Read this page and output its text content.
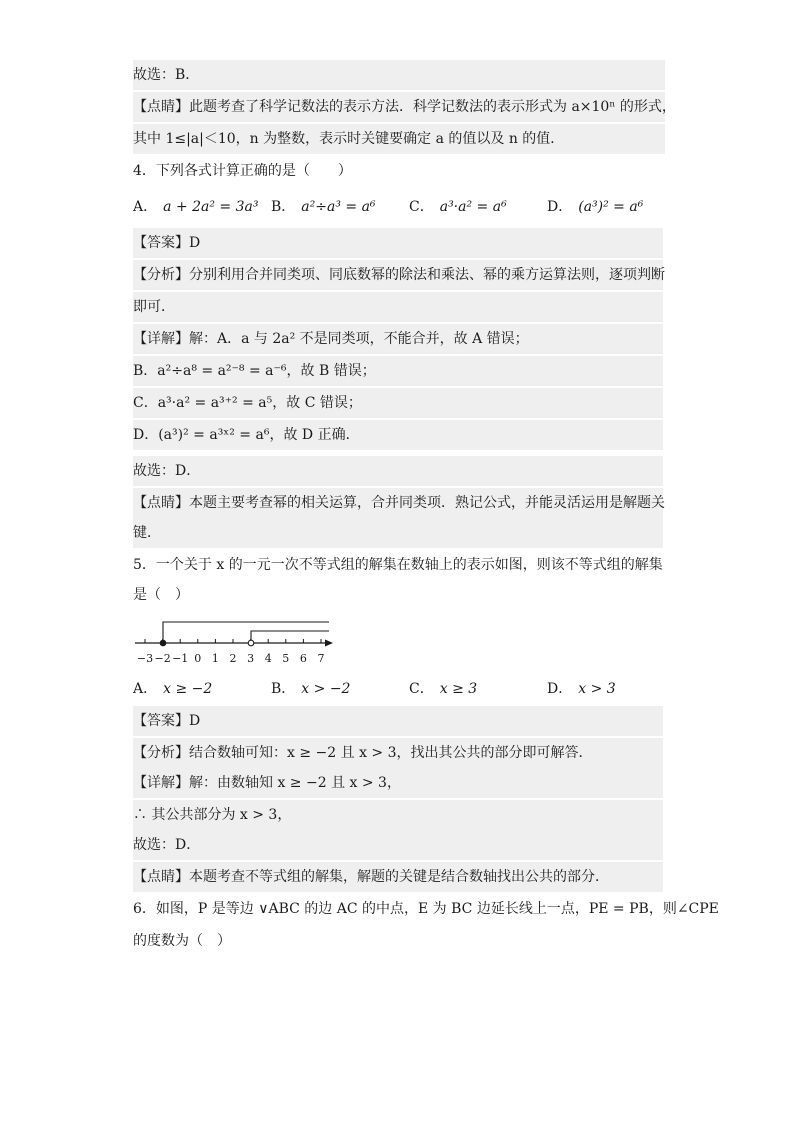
故选：B．
【点睛】此题考查了科学记数法的表示方法．科学记数法的表示形式为 a×10ⁿ 的形式，
其中 1≤|a|＜10，n 为整数，表示时关键要确定 a 的值以及 n 的值．
4．下列各式计算正确的是（　　）
A． a + 2a² = 3a³ B． a²÷a³ = a⁶ C． a³·a² = a⁶	D． (a³)² = a⁶
【答案】D
【分析】分别利用合并同类项、同底数幂的除法和乘法、幂的乘方运算法则，逐项判断
即可．
【详解】解：A．a 与 2a² 不是同类项，不能合并，故 A 错误；
B．a²÷a⁸ = a²⁻⁸ = a⁻⁶，故 B 错误；
C．a³·a² = a³⁺² = a⁵，故 C 错误；
D．(a³)² = a³ˣ² = a⁶，故 D 正确．
故选：D．
【点睛】本题主要考查幂的相关运算，合并同类项．熟记公式，并能灵活运用是解题关
键．
5．一个关于 x 的一元一次不等式组的解集在数轴上的表示如图，则该不等式组的解集
是（　）
−3 −2 −1 0 1 2 3 4 5 6 7
A． x ≥ −2	B． x > −2	C． x ≥ 3	D． x > 3
【答案】D
【分析】结合数轴可知：x ≥ −2 且 x > 3，找出其公共的部分即可解答．
【详解】解：由数轴知 x ≥ −2 且 x > 3，
∴ 其公共部分为 x > 3，
故选：D．
【点睛】本题考查不等式组的解集，解题的关键是结合数轴找出公共的部分．
6．如图，P 是等边 ∨ABC 的边 AC 的中点，E 为 BC 边延长线上一点，PE = PB，则∠CPE
的度数为（　）
